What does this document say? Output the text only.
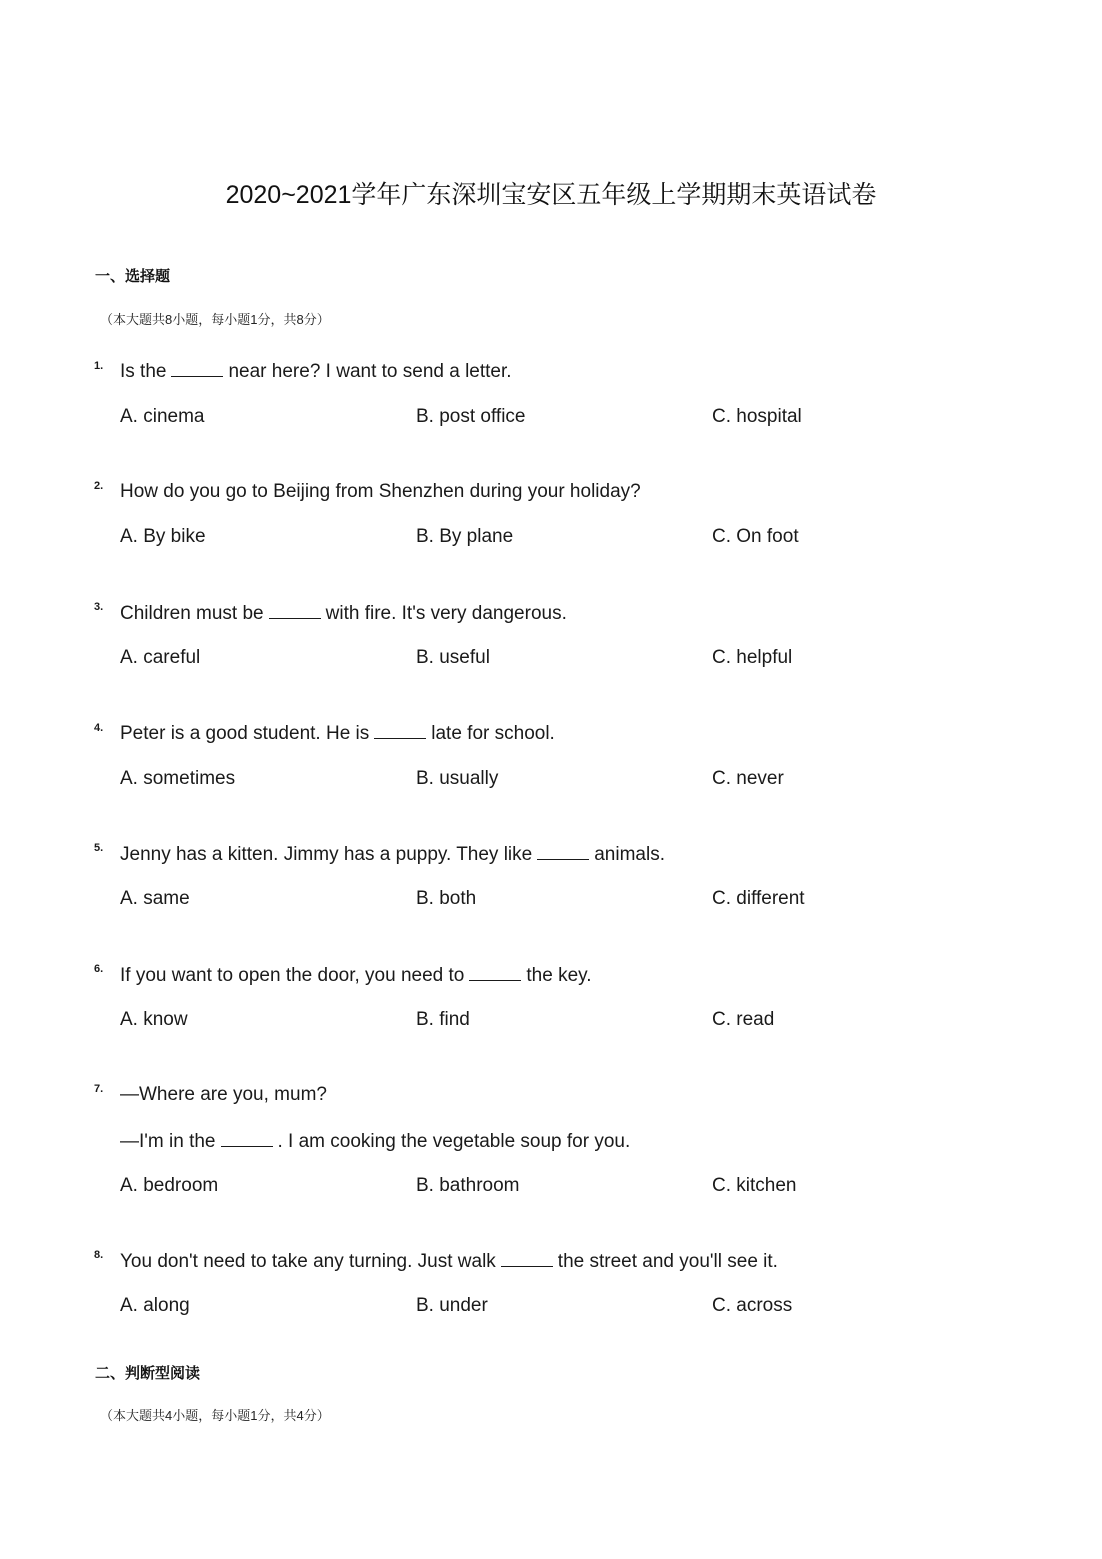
2020~2021学年广东深圳宝安区五年级上学期期末英语试卷
一、选择题
（本大题共8小题，每小题1分，共8分）
1. Is the	near here? I want to send a letter.
A. cinema	B. post office	C. hospital
2. How do you go to Beijing from Shenzhen during your holiday?
A. By bike	B. By plane	C. On foot
3. Children must be	with fire. It's very dangerous.
A. careful	B. useful	C. helpful
4. Peter is a good student. He is	late for school.
A. sometimes	B. usually	C. never
5. Jenny has a kitten. Jimmy has a puppy. They like	animals.
A. same	B. both	C. different
6. If you want to open the door, you need to	the key.
A. know	B. find	C. read
7. —Where are you, mum?
—I'm in the	. I am cooking the vegetable soup for you.
A. bedroom	B. bathroom	C. kitchen
8. You don't need to take any turning. Just walk	the street and you'll see it.
A. along	B. under	C. across
二、判断型阅读
（本大题共4小题，每小题1分，共4分）
